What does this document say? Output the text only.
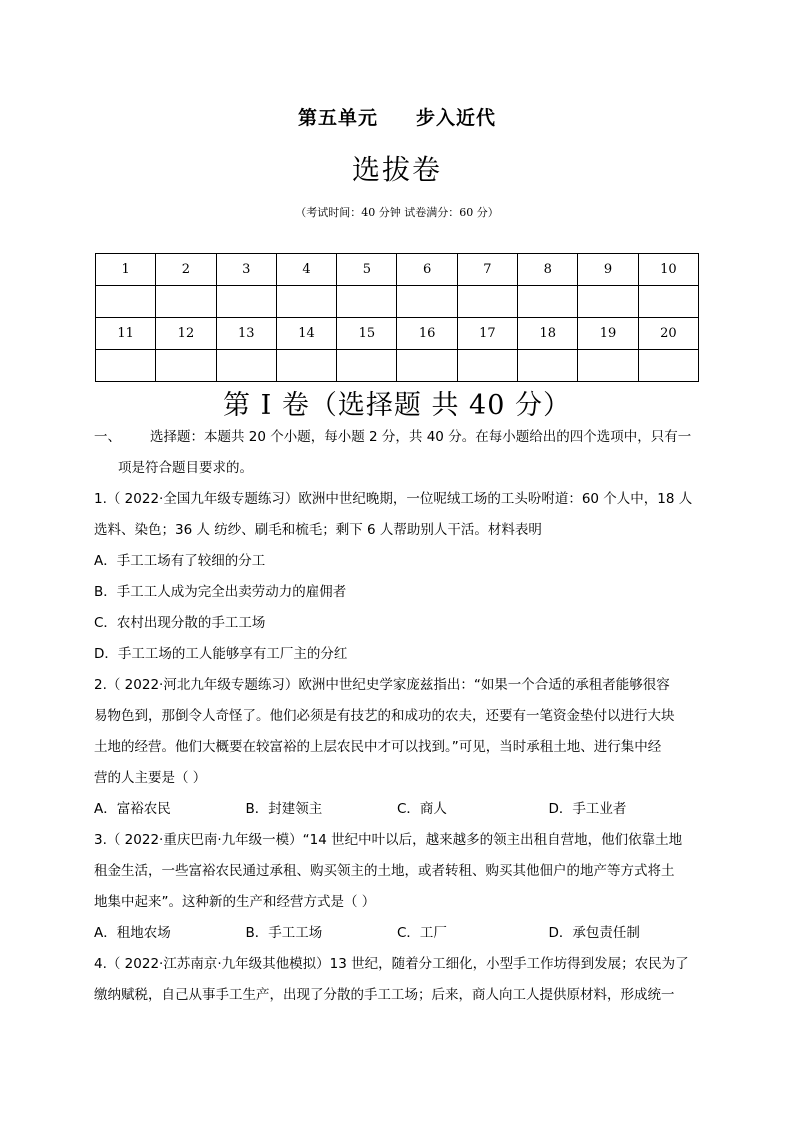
第五单元 步入近代
选拔卷
（考试时间：40 分钟 试卷满分：60 分）
1	2	3	4	5	6	7	8	9	10

11	12	13	14	15	16	17	18	19	20

第 I 卷（选择题 共 40 分）
一、	选择题：本题共 20 个小题，每小题 2 分，共 40 分。在每小题给出的四个选项中，只有一

项是符合题目要求的。

1.（ 2022·全国九年级专题练习）欧洲中世纪晚期，一位呢绒工场的工头吩咐道：60 个人中，18 人

选料、染色；36 人 纺纱、刷毛和梳毛；剩下 6 人帮助别人干活。材料表明

A．手工工场有了较细的分工

B．手工工人成为完全出卖劳动力的雇佣者

C．农村出现分散的手工工场

D．手工工场的工人能够享有工厂主的分红

2.（ 2022·河北九年级专题练习）欧洲中世纪史学家庞兹指出：“如果一个合适的承租者能够很容

易物色到，那倒令人奇怪了。他们必须是有技艺的和成功的农夫，还要有一笔资金垫付以进行大块

土地的经营。他们大概要在较富裕的上层农民中才可以找到。”可见，当时承租土地、进行集中经

营的人主要是（ ）

A．富裕农民	B．封建领主	C．商人	D．手工业者

3.（ 2022·重庆巴南·九年级一模）“14 世纪中叶以后，越来越多的领主出租自营地，他们依靠土地

租金生活，一些富裕农民通过承租、购买领主的土地，或者转租、购买其他佃户的地产等方式将土

地集中起来”。这种新的生产和经营方式是（ ）

A．租地农场	B．手工工场	C．工厂	D．承包责任制

4.（ 2022·江苏南京·九年级其他模拟）13 世纪，随着分工细化，小型手工作坊得到发展；农民为了

缴纳赋税，自己从事手工生产，出现了分散的手工工场；后来，商人向工人提供原材料，形成统一
